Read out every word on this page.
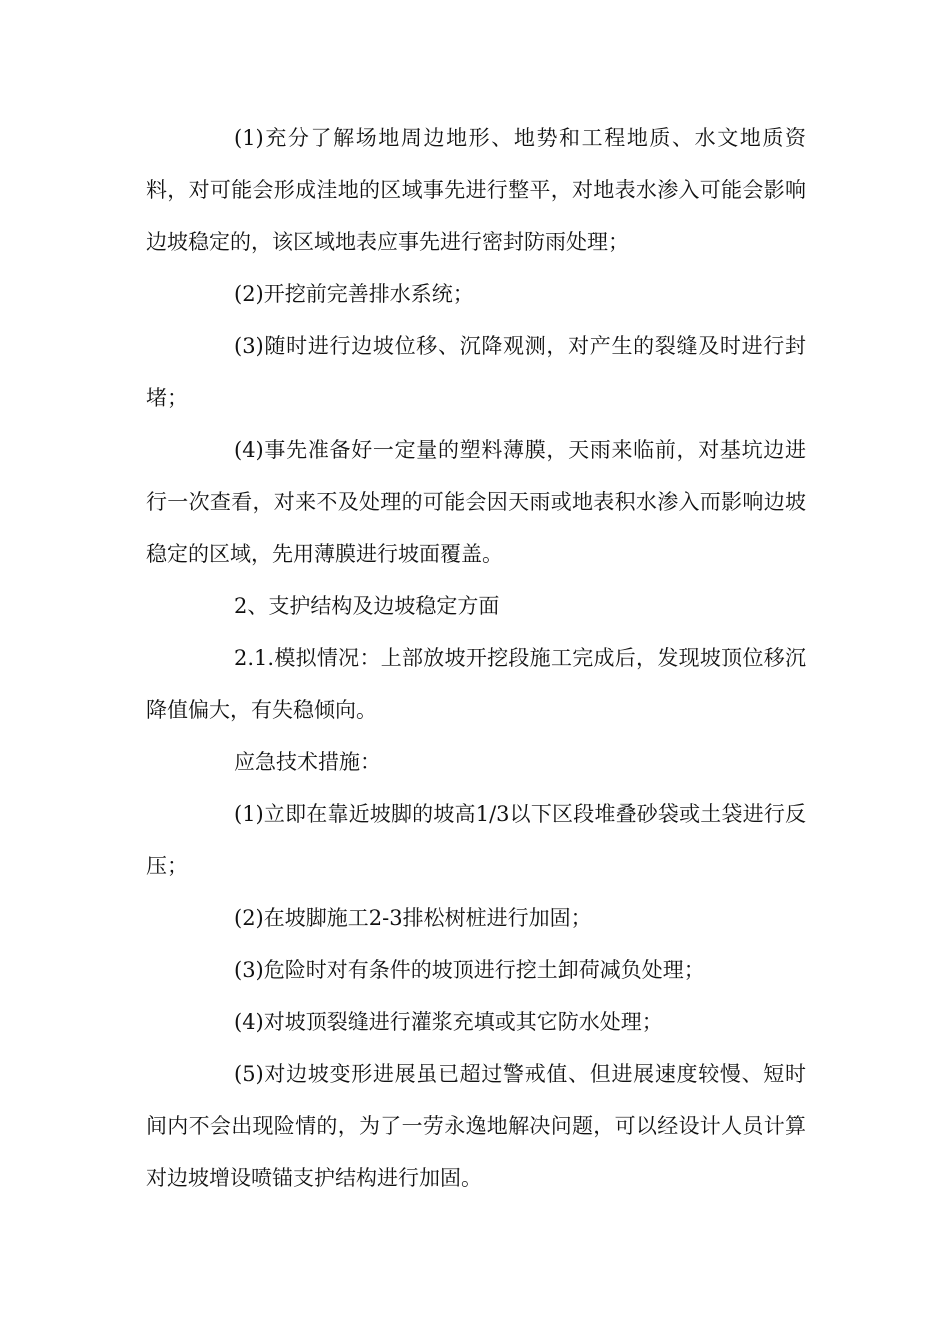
(1)充分了解场地周边地形、地势和工程地质、水文地质资料，对可能会形成洼地的区域事先进行整平，对地表水渗入可能会影响边坡稳定的，该区域地表应事先进行密封防雨处理；

(2)开挖前完善排水系统；

(3)随时进行边坡位移、沉降观测，对产生的裂缝及时进行封堵；

(4)事先准备好一定量的塑料薄膜，天雨来临前，对基坑边进行一次查看，对来不及处理的可能会因天雨或地表积水渗入而影响边坡稳定的区域，先用薄膜进行坡面覆盖。

2、支护结构及边坡稳定方面

2.1.模拟情况：上部放坡开挖段施工完成后，发现坡顶位移沉降值偏大，有失稳倾向。

应急技术措施：

(1)立即在靠近坡脚的坡高1/3以下区段堆叠砂袋或土袋进行反压；

(2)在坡脚施工2-3排松树桩进行加固；

(3)危险时对有条件的坡顶进行挖土卸荷减负处理；

(4)对坡顶裂缝进行灌浆充填或其它防水处理；

(5)对边坡变形进展虽已超过警戒值、但进展速度较慢、短时间内不会出现险情的，为了一劳永逸地解决问题，可以经设计人员计算对边坡增设喷锚支护结构进行加固。
